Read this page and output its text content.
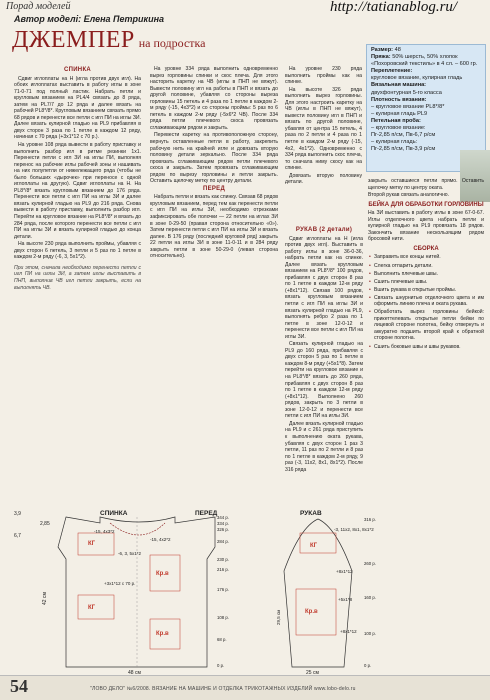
Порад моделей	http://tatianablog.ru/
Автор моделі: Елена Петрикина
ДЖЕМПЕР на подростка
СПИНКА

Сдвиг иглоплаты на Н (игла против двух игл). На обоих иглоплатах выставить в работу иглы в зоне 71-0-71 под полный ластик. Набрать петли и кругловым вязанием на PL4/4 связать до 8 ряда, затем на PL7/7 до 12 ряда и далее вязать на рабочей PL8*/8*. Кругловым вязанием связать прямо 68 рядов и перенести все петли с игл ПИ на иглы ЗИ. Далее вязать кулирной гладью на PL9 прибавляя в двух сторон 3 раза по 1 петле в каждом 12 ряду, начиная с 70 ряда (+3х1*12 с 70 р.).

На уровне 108 ряда вывести в работу приставку и выполнить разбор игл в ритме резинки 1х1. Перенести петли с игл ЗИ на иглы ПИ, выполняя перенос на рабочие иглы рабочей зоны и нашивать на них полупетли от нижележащего ряда (чтобы не было больших «дырочек» при переносе с одной иглоплаты на другую). Сдвиг иглоплаты на Н. На PL8*/8* вязать кругловым вязанием до 176 ряда. Перенести все петли с игл ПИ на иглы ЗИ и далее вязать кулирной гладью на PL9 до 216 ряда. Снова вывести в работу приставку, выполнить разбор игл. Перейти на кругловое вязание на PL8*/8* и вязать до 284 ряда, после которого перенести все петли с игл ПИ на иглы ЗИ и вязать кулирной гладью до конца детали.

На высоте 230 ряда выполнить проймы, убавляя с двух сторон 6 петель, 3 петли и 5 раз по 1 петле в каждом 2-м ряду (-6, 3, 5х1*2).

При этом, сначала необходимо перенести петли с игл ПИ на иглы ЗИ, а затем иглы выставить в ПНП, выполнив ЧВ игл петли закрыть, если на выполнять ЧВ.

На уровне 334 ряда выполнить одновременно вырез горловины спинки и скос плеча. Для этого насторить каретку на ЧВ (иглы в ПНП не вяжут). Вывести половину игл на работы в ПНП и вязать до другой половине, убавляя со стороны выреза горловины 15 петель и 4 раза по 1 петле в каждом 2-м ряду (-15, 4х3*2) и со стороны проймы: 5 раз по 6 петель в каждом 2-м ряду (-5х6*2 ЧВ). После 334 ряда петли плечевого скоса провязать сглаживающим рядом и закрыть.

Перевести каретку на противоположную сторону, вернуть оставленные петли в работу, закрепить рабочую нить на крайней игле и довязать вторую половину детали зеркально. После 334 ряда провязать сглаживающим рядом петли плечевого скоса и закрыть. Затем провязать сглаживающим рядом по вырезу горловины и петли закрыть. Оставить щелочку метку по центру детали.

ПЕРЕД

Набрать петли и вязать как спинку. Связав 68 рядов кругловым вязанием, перед тем как перенести петли с игл ПИ на иглы ЗИ, необходимо отрезками зафиксировать обе полочки — 22 петли на иглах ЗИ в зоне 0-29-50 (правая сторона относительно «0»). Затем перенести петли с игл ПИ на иглы ЗИ и вязать далее. В 176 ряду (последний круговой ряд) закрыть 22 петли на иглы ЗИ в зоне 11-0-11 и в 284 ряду закрыть петли в зоне 50-29-0 (левая сторона относительно).

На уровне 230 ряда выполнить проймы как на спинке.

На высоте 326 ряда выполнить вырез горловины. Для этого настроить каретку на ЧВ (иглы в ПНП не вяжут), вывести половину игл в ПНП и вязать по другой половине, убавляя от центра 15 петель, 4 раза по 2 петли и 4 раза по 1 петле в каждом 2-м ряду (-15, 4х2, 4х1*2). Одновременно с 334 ряда выполнить скос плеча, то сначала ниму скосу как на спинке.

Довязать вторую половину детали.

РУКАВ (2 детали)

Сдвиг иглоплаты на Н (игла против двух игл). Выставить в работу иглы в зоне 36-0-36, набрать петли как на спинке. Далее вязать кругловым вязанием на PL8*/8* 100 рядов, прибавляя с двух сторон 8 раз по 1 петле в каждом 12-м ряду (+8х1*12). Связав 100 рядов, вязать кругловым вязанием петли с игл ПИ на иглы ЗИ и вязать кулирной гладью на PL9, выполнять ребро 2 раза по 1 петле в зоне 12-0-12 и перенести все петли с игл ПИ на иглы ЗИ.

Связать кулирной гладью на PL9 до 160 ряда, прибавляя с двух сторон 5 раз по 1 петле в каждом 8-м ряду (+5х1*8). Затем перейти на кругловое вязание и на PL8*/8* вязать до 260 ряда, прибавляя с двух сторон 8 раз по 1 петле в каждом 12-м ряду (+8х1*12). Выполнено 260 рядов, закрыть по 3 петли в зоне 12-0-12 и перенести все петли с игл ПИ на иглы ЗИ.

Далее вязать кулирной гладью на PL9 и с 261 ряда приступить к выполнению оката рукава, убавляя с двух сторон 1 раз 3 петли, 11 раз по 2 петли и 8 раз по 1 петле в каждом 2-м ряду, 9 раз (-3, 11х2, 8х1, 8х1*2). После 316 ряда

Размер: 48
Пряжа: 50% шерсть, 50% хлопок
«Похоровский текстиль» в 4 сл. – 600 гр.
Переплетение:
кругловое вязание, кулирная гладь
Вязальная машина:
двухфонтурная 5-го класса
Плотность вязания:
– кругловое вязание PL8*/8*
– кулирная гладь PL9
Петельная проба:
– кругловое вязание:
Пг-2,85 п/см, Пв-6,7 р/см
– кулирная гладь:
Пг-2,85 п/см, Пв-3,9 р/см

закрыть оставшиеся петли прямо. Оставить щелочку метку по центру оката.

Второй рукав связать аналогично.

БЕЙКА ДЛЯ ОБРАБОТКИ ГОРЛОВИНЫ

На ЗИ выставить в работу иглы в зоне 67-0-67. Иглы отделочного цвета набрать петли и кулирной гладью на PL9 провязать 18 рядов. Закончить вязание нескользящим рядом бросовой нити.

СБОРКА
• Заправить все концы нитей.
• Слегка отпарить детали.
• Выполнить плечевые швы.
• Сшить плечевые швы.
• Вшить рукава в открытые проймы.
• Связать шнурнитью отделочного цвета и им оформить линию плеча и оката рукава.
• Обработать вырез горловины бейкой: прикеттелевать открытые петли бейки по лицевой стороне полотна, бейку отвернуть и аккуратно подшить второй край к обратной стороне полотна.
• Сшить боковые швы и швы рукавов.
СПИНКА	ПЕРЕД	РУКАВ
3,9
2,85
6,7
42 см
КГ
КГ
Кр.в
Кр.в
-15, 4х3*2
-15, 4х2*2
-6, 3, 5х1*2
+3х1*12 с 70 р.
48 см
344 р.
334 р.
326 р.
284 р.
230 р.
216 р.
176 р.
108 р.
68 р.
0 р.
КГ
Кр.в
-3, 11х2, 8х1, 8х1*2
+8х1*12
+5х1*8
+8х1*12
25 см
316 р.
260 р.
160 р.
100 р.
0 р.
29,5 см
54	"ЛОВО ДЕЛО" №6/2008. ВЯЗАНИЕ НА МАШИНЕ И ОТДЕЛКА ТРИКОТАЖНЫХ ИЗДЕЛИЙ www.lobo-delo.ru
